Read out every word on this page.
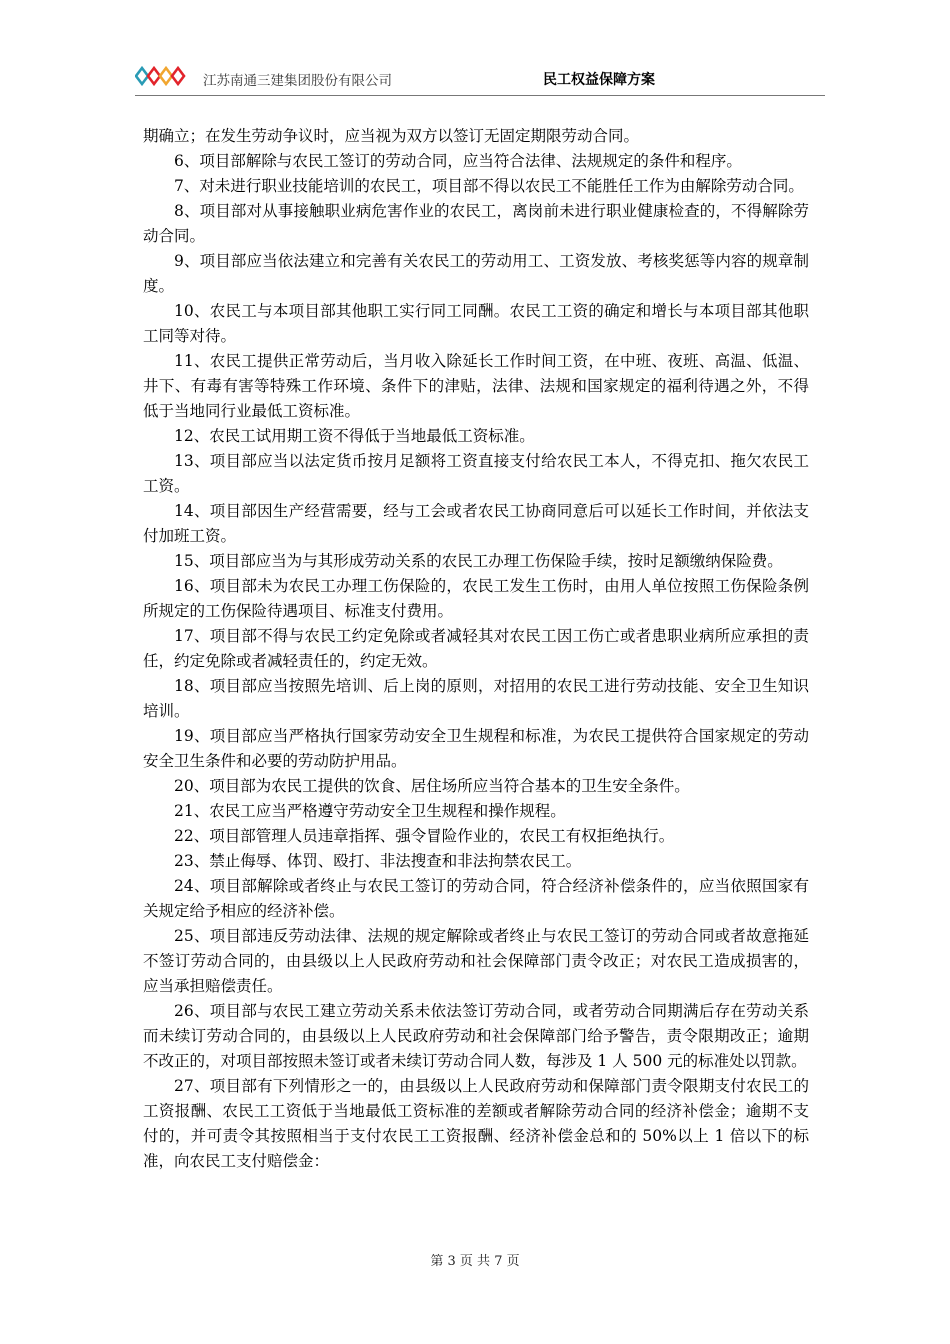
江苏南通三建集团股份有限公司	民工权益保障方案

期确立；在发生劳动争议时，应当视为双方以签订无固定期限劳动合同。

6、项目部解除与农民工签订的劳动合同，应当符合法律、法规规定的条件和程序。

7、对未进行职业技能培训的农民工，项目部不得以农民工不能胜任工作为由解除劳动合同。

8、项目部对从事接触职业病危害作业的农民工，离岗前未进行职业健康检查的，不得解除劳动合同。

9、项目部应当依法建立和完善有关农民工的劳动用工、工资发放、考核奖惩等内容的规章制度。

10、农民工与本项目部其他职工实行同工同酬。农民工工资的确定和增长与本项目部其他职工同等对待。

11、农民工提供正常劳动后，当月收入除延长工作时间工资，在中班、夜班、高温、低温、井下、有毒有害等特殊工作环境、条件下的津贴，法律、法规和国家规定的福利待遇之外，不得低于当地同行业最低工资标准。

12、农民工试用期工资不得低于当地最低工资标准。

13、项目部应当以法定货币按月足额将工资直接支付给农民工本人，不得克扣、拖欠农民工工资。

14、项目部因生产经营需要，经与工会或者农民工协商同意后可以延长工作时间，并依法支付加班工资。

15、项目部应当为与其形成劳动关系的农民工办理工伤保险手续，按时足额缴纳保险费。

16、项目部未为农民工办理工伤保险的，农民工发生工伤时，由用人单位按照工伤保险条例所规定的工伤保险待遇项目、标准支付费用。

17、项目部不得与农民工约定免除或者减轻其对农民工因工伤亡或者患职业病所应承担的责任，约定免除或者减轻责任的，约定无效。

18、项目部应当按照先培训、后上岗的原则，对招用的农民工进行劳动技能、安全卫生知识培训。

19、项目部应当严格执行国家劳动安全卫生规程和标准，为农民工提供符合国家规定的劳动安全卫生条件和必要的劳动防护用品。

20、项目部为农民工提供的饮食、居住场所应当符合基本的卫生安全条件。

21、农民工应当严格遵守劳动安全卫生规程和操作规程。

22、项目部管理人员违章指挥、强令冒险作业的，农民工有权拒绝执行。

23、禁止侮辱、体罚、殴打、非法搜查和非法拘禁农民工。

24、项目部解除或者终止与农民工签订的劳动合同，符合经济补偿条件的，应当依照国家有关规定给予相应的经济补偿。

25、项目部违反劳动法律、法规的规定解除或者终止与农民工签订的劳动合同或者故意拖延不签订劳动合同的，由县级以上人民政府劳动和社会保障部门责令改正；对农民工造成损害的，应当承担赔偿责任。

26、项目部与农民工建立劳动关系未依法签订劳动合同，或者劳动合同期满后存在劳动关系而未续订劳动合同的，由县级以上人民政府劳动和社会保障部门给予警告，责令限期改正；逾期不改正的，对项目部按照未签订或者未续订劳动合同人数，每涉及 1 人 500 元的标准处以罚款。

27、项目部有下列情形之一的，由县级以上人民政府劳动和保障部门责令限期支付农民工的工资报酬、农民工工资低于当地最低工资标准的差额或者解除劳动合同的经济补偿金；逾期不支付的，并可责令其按照相当于支付农民工工资报酬、经济补偿金总和的 50%以上 1 倍以下的标准，向农民工支付赔偿金：

第 3 页 共 7 页
